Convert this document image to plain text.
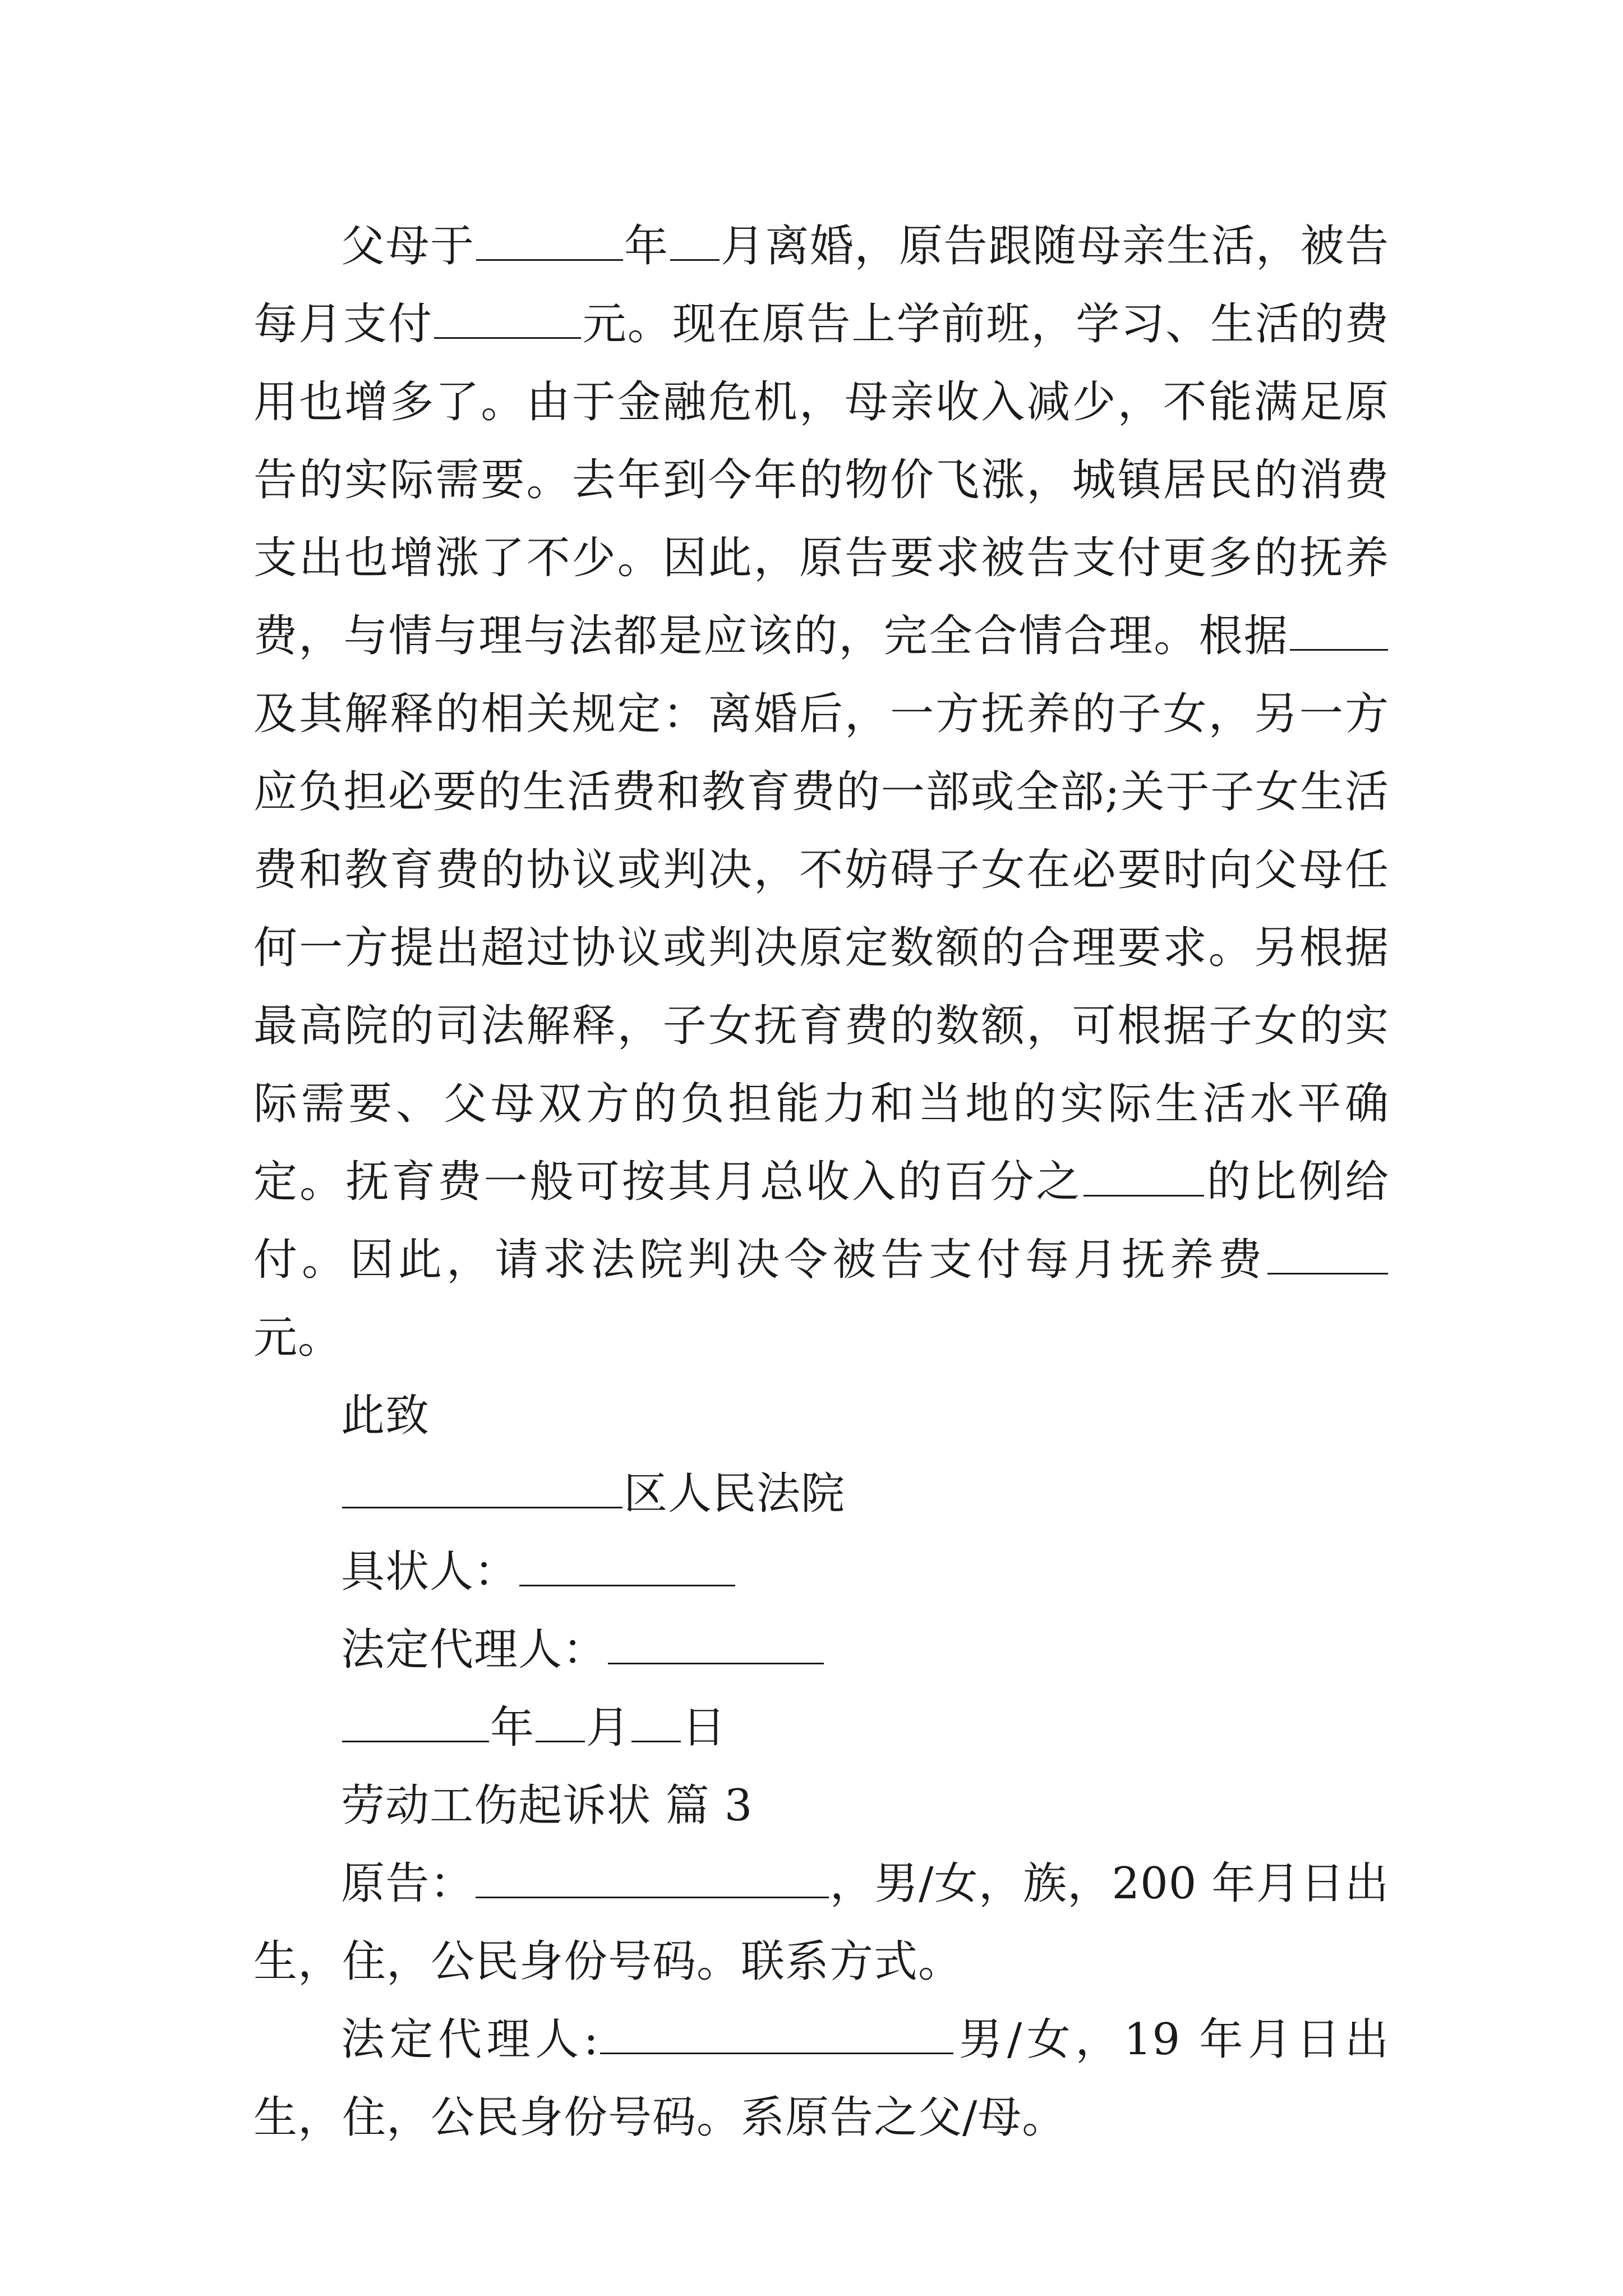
父母于	年 月离婚，原告跟随母亲生活，被告每月支付	元。现在原告上学前班，学习、生活的费用也增多了。由于金融危机，母亲收入减少，不能满足原告的实际需要。去年到今年的物价飞涨，城镇居民的消费支出也增涨了不少。因此，原告要求被告支付更多的抚养费，与情与理与法都是应该的，完全合情合理。根据及其解释的相关规定：离婚后，一方抚养的子女，另一方应负担必要的生活费和教育费的一部或全部;关于子女生活费和教育费的协议或判决，不妨碍子女在必要时向父母任何一方提出超过协议或判决原定数额的合理要求。另根据最高院的司法解释，子女抚育费的数额，可根据子女的实际需要、父母双方的负担能力和当地的实际生活水平确定。抚育费一般可按其月总收入的百分之	的比例给付。因此，请求法院判决令被告支付每月抚养费元。

此致

区人民法院

具状人：

法定代理人：

年 月 日

劳动工伤起诉状 篇 3

原告：	，男/女，族，200 年月日出生，住，公民身份号码。联系方式。

法定代理人:	男/女，19 年月日出生，住，公民身份号码。系原告之父/母。
